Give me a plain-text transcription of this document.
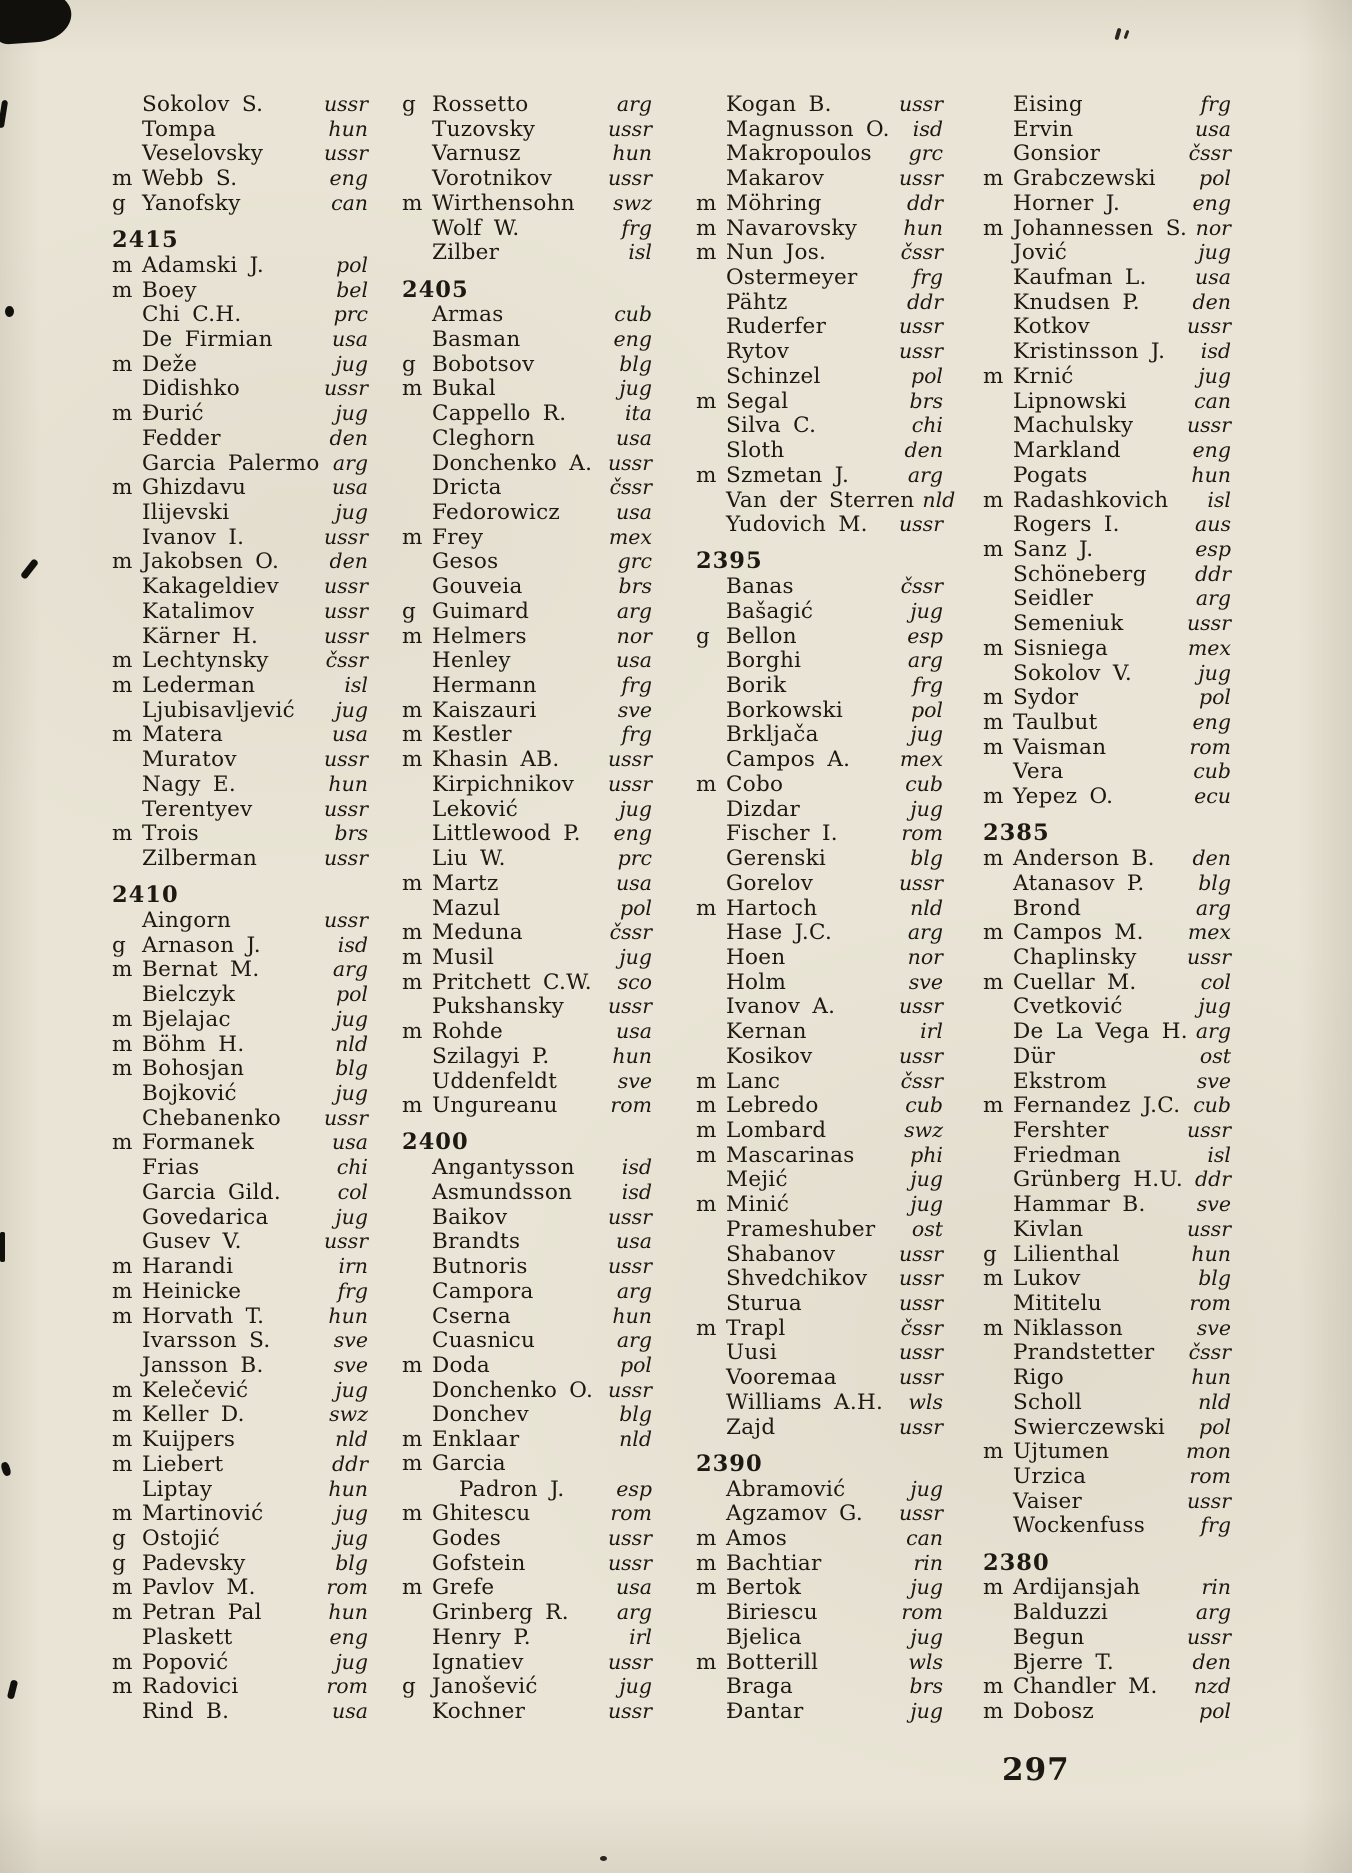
Sokolov S.	ussr
Tompa	hun
Veselovsky	ussr
m Webb S.	eng
g Yanofsky	can
2415
m Adamski J.	pol
m Boey	bel
Chi C.H.	prc
De Firmian	usa
m Deže	jug
Didishko	ussr
m Đurić	jug
Fedder	den
Garcia Palermo arg
m Ghizdavu	usa
Ilijevski	jug
Ivanov I.	ussr
m Jakobsen O.	den
Kakageldiev	ussr
Katalimov	ussr
Kärner H.	ussr
m Lechtynsky	čssr
m Lederman	isl
Ljubisavljević	jug
m Matera	usa
Muratov	ussr
Nagy E.	hun
Terentyev	ussr
m Trois	brs
Zilberman	ussr
2410
Aingorn	ussr
g Arnason J.	isd
m Bernat M.	arg
Bielczyk	pol
m Bjelajac	jug
m Böhm H.	nld
m Bohosjan	blg
Bojković	jug
Chebanenko	ussr
m Formanek	usa
Frias	chi
Garcia Gild.	col
Govedarica	jug
Gusev V.	ussr
m Harandi	irn
m Heinicke	frg
m Horvath T.	hun
Ivarsson S.	sve
Jansson B.	sve
m Kelečević	jug
m Keller D.	swz
m Kuijpers	nld
m Liebert	ddr
Liptay	hun
m Martinović	jug
g Ostojić	jug
g Padevsky	blg
m Pavlov M.	rom
m Petran Pal	hun
Plaskett	eng
m Popović	jug
m Radovici	rom
Rind B.	usa
g Rossetto	arg
Tuzovsky	ussr
Varnusz	hun
Vorotnikov	ussr
m Wirthensohn	swz
Wolf W.	frg
Zilber	isl
2405
Armas	cub
Basman	eng
g Bobotsov	blg
m Bukal	jug
Cappello R.	ita
Cleghorn	usa
Donchenko A. ussr
Dricta	čssr
Fedorowicz	usa
m Frey	mex
Gesos	grc
Gouveia	brs
g Guimard	arg
m Helmers	nor
Henley	usa
Hermann	frg
m Kaiszauri	sve
m Kestler	frg
m Khasin AB.	ussr
Kirpichnikov	ussr
Leković	jug
Littlewood P.	eng
Liu W.	prc
m Martz	usa
Mazul	pol
m Meduna	čssr
m Musil	jug
m Pritchett C.W.	sco
Pukshansky	ussr
m Rohde	usa
Szilagyi P.	hun
Uddenfeldt	sve
m Ungureanu	rom
2400
Angantysson	isd
Asmundsson	isd
Baikov	ussr
Brandts	usa
Butnoris	ussr
Campora	arg
Cserna	hun
Cuasnicu	arg
m Doda	pol
Donchenko O. ussr
Donchev	blg
m Enklaar	nld
m Garcia
Padron J.	esp
m Ghitescu	rom
Godes	ussr
Gofstein	ussr
m Grefe	usa
Grinberg R.	arg
Henry P.	irl
Ignatiev	ussr
g Janošević	jug
Kochner	ussr
Kogan B.	ussr
Magnusson O.	isd
Makropoulos	grc
Makarov	ussr
m Möhring	ddr
m Navarovsky	hun
m Nun Jos.	čssr
Ostermeyer	frg
Pähtz	ddr
Ruderfer	ussr
Rytov	ussr
Schinzel	pol
m Segal	brs
Silva C.	chi
Sloth	den
m Szmetan J.	arg
Van der Sterren nld
Yudovich M.	ussr
2395
Banas	čssr
Bašagić	jug
g Bellon	esp
Borghi	arg
Borik	frg
Borkowski	pol
Brkljača	jug
Campos A.	mex
m Cobo	cub
Dizdar	jug
Fischer I.	rom
Gerenski	blg
Gorelov	ussr
m Hartoch	nld
Hase J.C.	arg
Hoen	nor
Holm	sve
Ivanov A.	ussr
Kernan	irl
Kosikov	ussr
m Lanc	čssr
m Lebredo	cub
m Lombard	swz
m Mascarinas	phi
Mejić	jug
m Minić	jug
Prameshuber	ost
Shabanov	ussr
Shvedchikov	ussr
Sturua	ussr
m Trapl	čssr
Uusi	ussr
Vooremaa	ussr
Williams A.H.	wls
Zajd	ussr
2390
Abramović	jug
Agzamov G.	ussr
m Amos	can
m Bachtiar	rin
m Bertok	jug
Biriescu	rom
Bjelica	jug
m Botterill	wls
Braga	brs
Đantar	jug
Eising	frg
Ervin	usa
Gonsior	čssr
m Grabczewski	pol
Horner J.	eng
m Johannessen S. nor
Jović	jug
Kaufman L.	usa
Knudsen P.	den
Kotkov	ussr
Kristinsson J.	isd
m Krnić	jug
Lipnowski	can
Machulsky	ussr
Markland	eng
Pogats	hun
m Radashkovich	isl
Rogers I.	aus
m Sanz J.	esp
Schöneberg	ddr
Seidler	arg
Semeniuk	ussr
m Sisniega	mex
Sokolov V.	jug
m Sydor	pol
m Taulbut	eng
m Vaisman	rom
Vera	cub
m Yepez O.	ecu
2385
m Anderson B.	den
Atanasov P.	blg
Brond	arg
m Campos M.	mex
Chaplinsky	ussr
m Cuellar M.	col
Cvetković	jug
De La Vega H. arg
Dür	ost
Ekstrom	sve
m Fernandez J.C. cub
Fershter	ussr
Friedman	isl
Grünberg H.U. ddr
Hammar B.	sve
Kivlan	ussr
g Lilienthal	hun
m Lukov	blg
Mititelu	rom
m Niklasson	sve
Prandstetter	čssr
Rigo	hun
Scholl	nld
Swierczewski	pol
m Ujtumen	mon
Urzica	rom
Vaiser	ussr
Wockenfuss	frg
2380
m Ardijansjah	rin
Balduzzi	arg
Begun	ussr
Bjerre T.	den
m Chandler M.	nzd
m Dobosz	pol
297
